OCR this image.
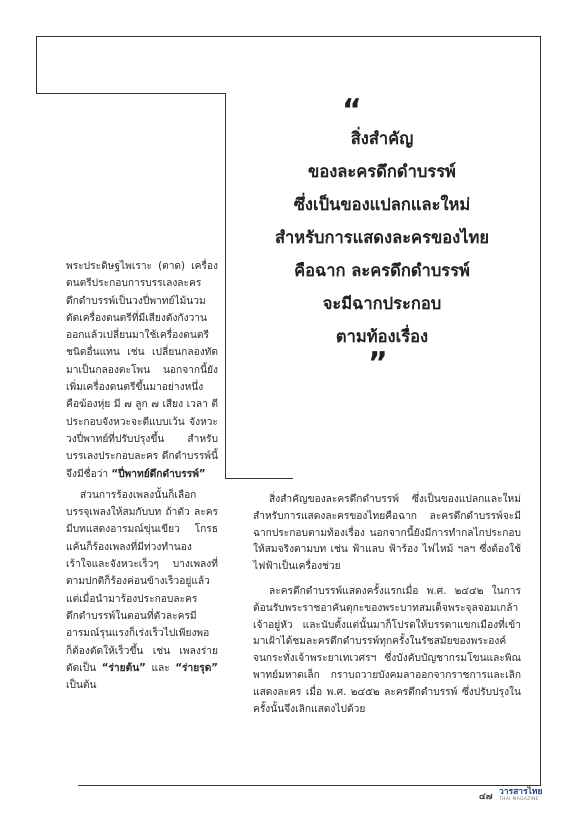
“
สิ่งสำคัญ
ของละครดึกดำบรรพ์
ซึ่งเป็นของแปลกและใหม่
สำหรับการแสดงละครของไทย
คือฉาก ละครดึกดำบรรพ์
จะมีฉากประกอบ
ตามท้องเรื่อง
”

พระประดิษฐไพเราะ (ตาด) เครื่อง ดนตรีประกอบการบรรเลงละคร ดึกดำบรรพ์เป็นวงปี่พาทย์ไม้นวม ตัดเครื่องดนตรีที่มีเสียงดังกังวาน ออกแล้วเปลี่ยนมาใช้เครื่องดนตรี ชนิดอื่นแทน เช่น เปลี่ยนกลองทัด มาเป็นกลองตะโพน นอกจากนี้ยัง เพิ่มเครื่องดนตรีขึ้นมาอย่างหนึ่ง คือฆ้องหุ่ย มี ๗ ลูก ๗ เสียง เวลา ตีประกอบจังหวะจะตีแบบเว้น จังหวะ วงปี่พาทย์ที่ปรับปรุงขึ้น สำหรับบรรเลงประกอบละคร ดึกดำบรรพ์นี้จึงมีชื่อว่า “ปี่พาทย์ดึกดำบรรพ์”

ส่วนการร้องเพลงนั้นก็เลือก บรรจุเพลงให้สมกับบท ถ้าตัว ละครมีบทแสดงอารมณ์ขุ่นเขียว โกรธแค้นก็ร้องเพลงที่มีท่วงทำนอง เร้าใจและจังหวะเร็วๆ บางเพลงที่ ตามปกติก็ร้องค่อนข้างเร็วอยู่แล้ว แต่เมื่อนำมาร้องประกอบละคร ดึกดำบรรพ์ในตอนที่ตัวละครมี อารมณ์รุนแรงก็เร่งเร็วไปเพียงพอ ก็ต้องตัดให้เร็วขึ้น เช่น เพลงร่าย ตัดเป็น “ร่ายต้น” และ “ร่ายรุด” เป็นต้น

สิ่งสำคัญของละครดึกดำบรรพ์ ซึ่งเป็นของแปลกและใหม่สำหรับการแสดงละครของไทยคือฉาก ละครดึกดำบรรพ์จะมีฉากประกอบตามท้องเรื่อง นอกจากนี้ยังมีการทำกลไกประกอบให้สมจริงตามบท เช่น ฟ้าแลบ ฟ้าร้อง ไฟไหม้ ฯลฯ ซึ่งต้องใช้ไฟฟ้าเป็นเครื่องช่วย

ละครดึกดำบรรพ์แสดงครั้งแรกเมื่อ พ.ศ. ๒๔๔๒ ในการต้อนรับพระราชอาคันตุกะของพระบาทสมเด็จพระจุลจอมเกล้าเจ้าอยู่หัว และนับตั้งแต่นั้นมาก็โปรดให้บรรดาแขกเมืองที่เข้ามาเฝ้าได้ชมละครดึกดำบรรพ์ทุกครั้งในรัชสมัยของพระองค์ จนกระทั่งเจ้าพระยาเทเวศรฯ ซึ่งบังคับบัญชากรมโขนและพิณพาทย์มหาดเล็ก กราบถวายบังคมลาออกจากราชการและเลิกแสดงละคร เมื่อ พ.ศ. ๒๔๕๒ ละครดึกดำบรรพ์ ซึ่งปรับปรุงในครั้งนั้นจึงเลิกแสดงไปด้วย

๔๗ วารสารไทย
THAI MAGAZINE
